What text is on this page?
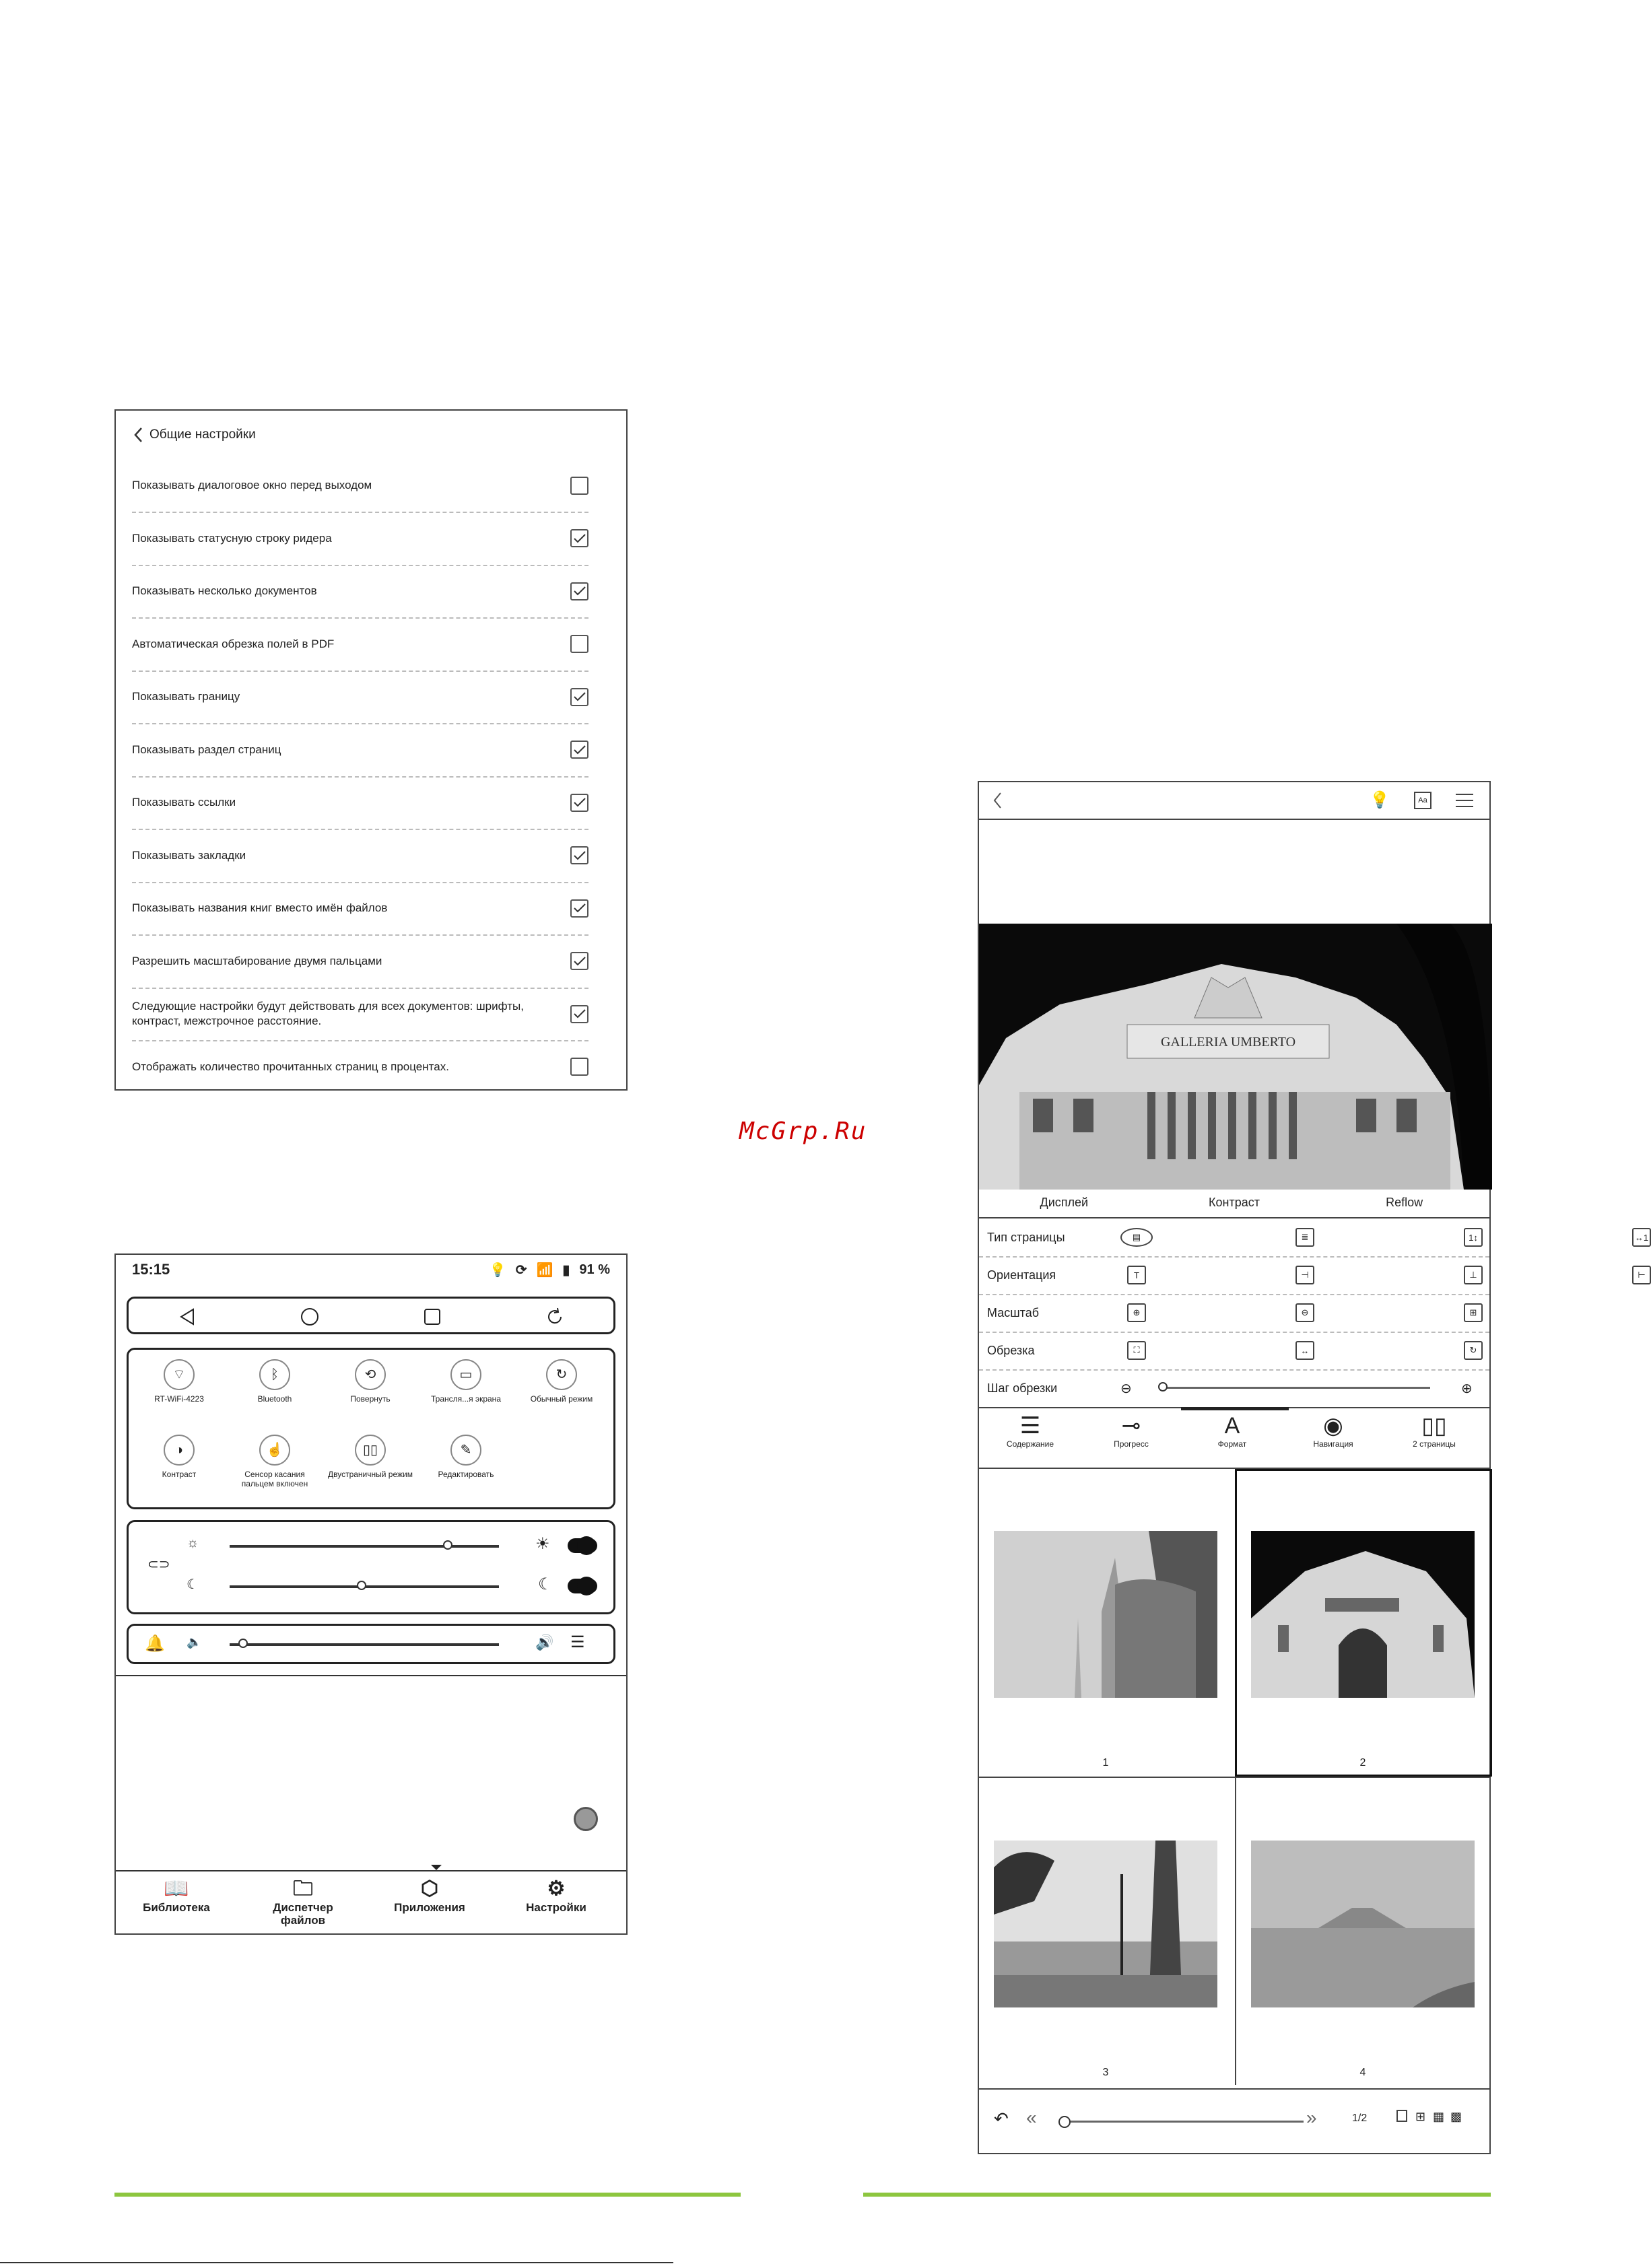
Общие настройки
Показывать диалоговое окно перед выходом
Показывать статусную строку ридера
Показывать несколько документов
Автоматическая обрезка полей в PDF
Показывать границу
Показывать раздел страниц
Показывать ссылки
Показывать закладки
Показывать названия книг вместо имён файлов
Разрешить масштабирование двумя пальцами
Следующие настройки будут действовать для всех документов: шрифты, контраст, межстрочное расстояние.
Отображать количество прочитанных страниц в процентах.
15:15	💡 ⟳ 📶 ▮ 91 %
⌔
RT-WiFi-4223
ᛒ
Bluetooth
⟲
Повернуть
▭
Трансля...я экрана
↻
Обычный режим
◑
Контраст
☝
Сенсор касания пальцем включен
▯▯
Двустраничный режим
✎
Редактировать
⊂⊃
☼	☀
☾	☾
🔔 🔈	🔊 ☰
📖
Библиотека
🗀
Диспетчер файлов
⬡
Приложения
⚙
Настройки
💡	Aa
GALLERIA UMBERTO
Дисплей	Контраст	Reflow
Тип страницы	▤	≣	1↕	↔1
Ориентация	T	⊣	⊥	⊢
Масштаб	⊕	⊖	⊞
Обрезка	⛶	↔	↻
Шаг обрезки	⊖	⊕
☰
Содержание
⊸
Прогресс
A
Формат
◉
Навигация
▯▯
2 страницы
1	2
3	4
↶ «	»	1/2	⊞ ▦ ▩
McGrp.Ru
